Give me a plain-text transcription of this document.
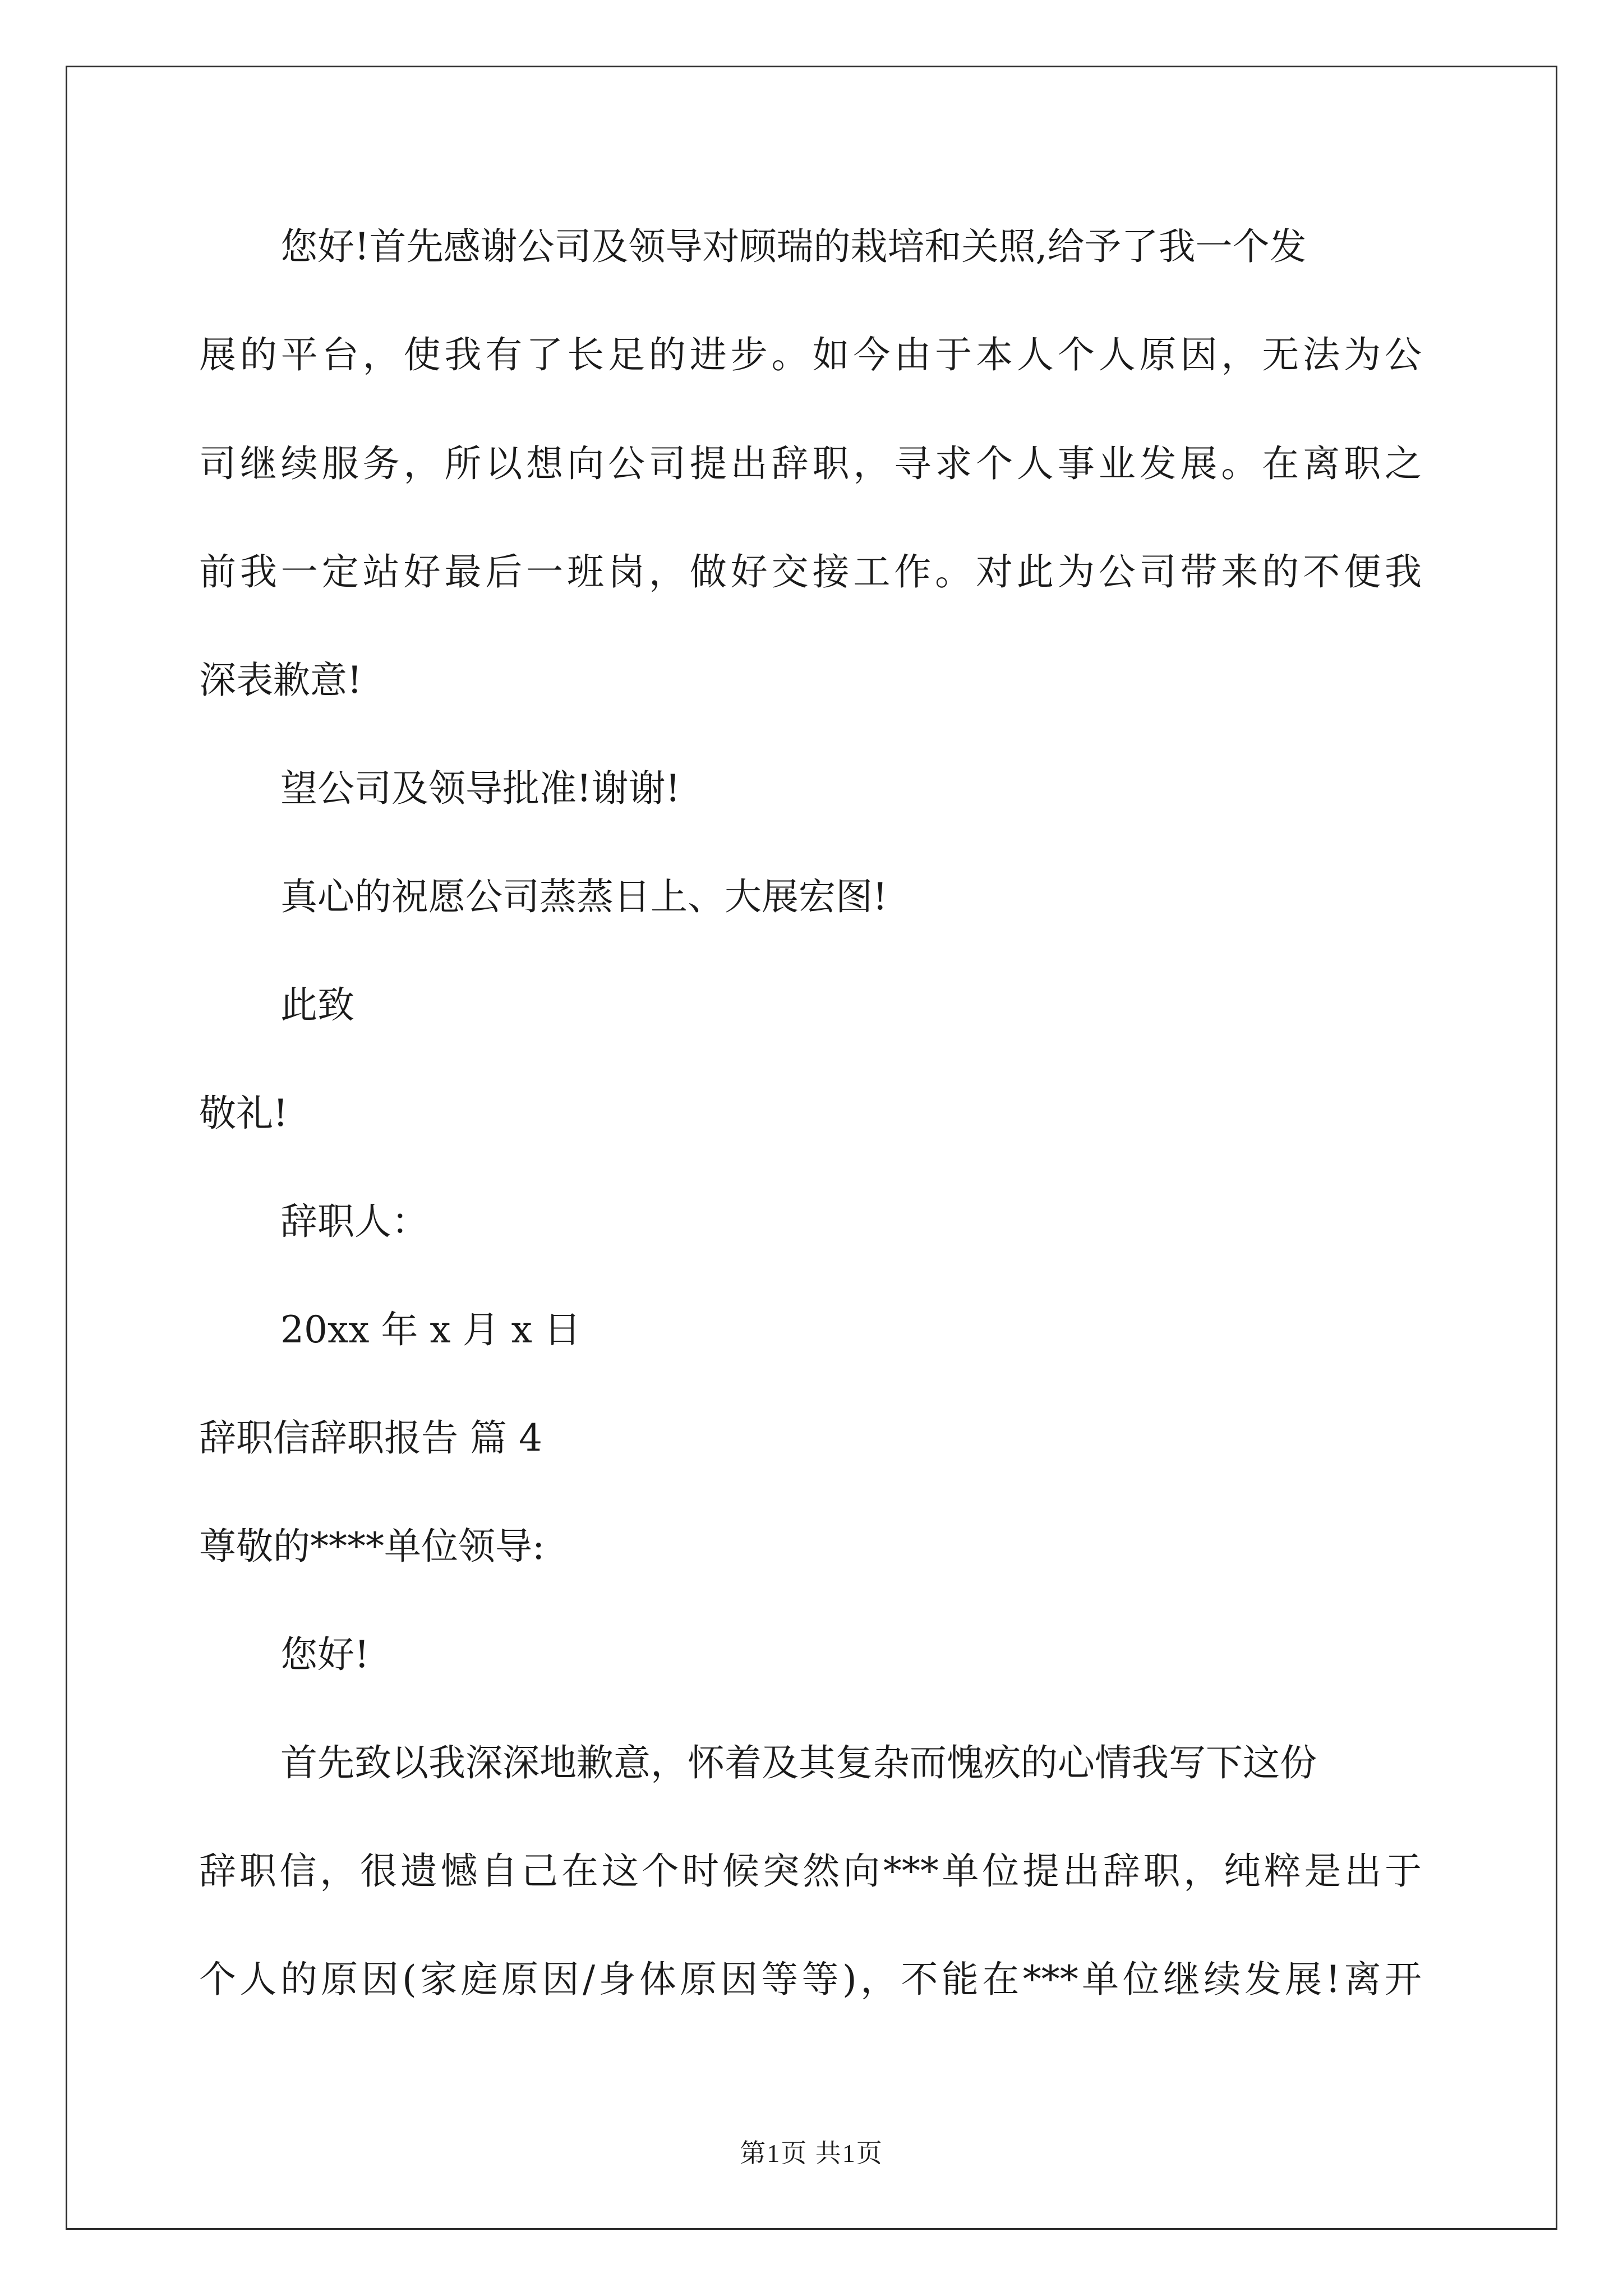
您好!首先感谢公司及领导对顾瑞的栽培和关照,给予了我一个发
展的平台，使我有了长足的进步。如今由于本人个人原因，无法为公
司继续服务，所以想向公司提出辞职，寻求个人事业发展。在离职之
前我一定站好最后一班岗，做好交接工作。对此为公司带来的不便我
深表歉意!
望公司及领导批准!谢谢!
真心的祝愿公司蒸蒸日上、大展宏图!
此致
敬礼!
辞职人：
20xx 年 x 月 x 日
辞职信辞职报告 篇 4
尊敬的****单位领导:
您好!
首先致以我深深地歉意，怀着及其复杂而愧疚的心情我写下这份
辞职信，很遗憾自己在这个时候突然向***单位提出辞职，纯粹是出于
个人的原因(家庭原因/身体原因等等)，不能在***单位继续发展!离开
第1页 共1页
